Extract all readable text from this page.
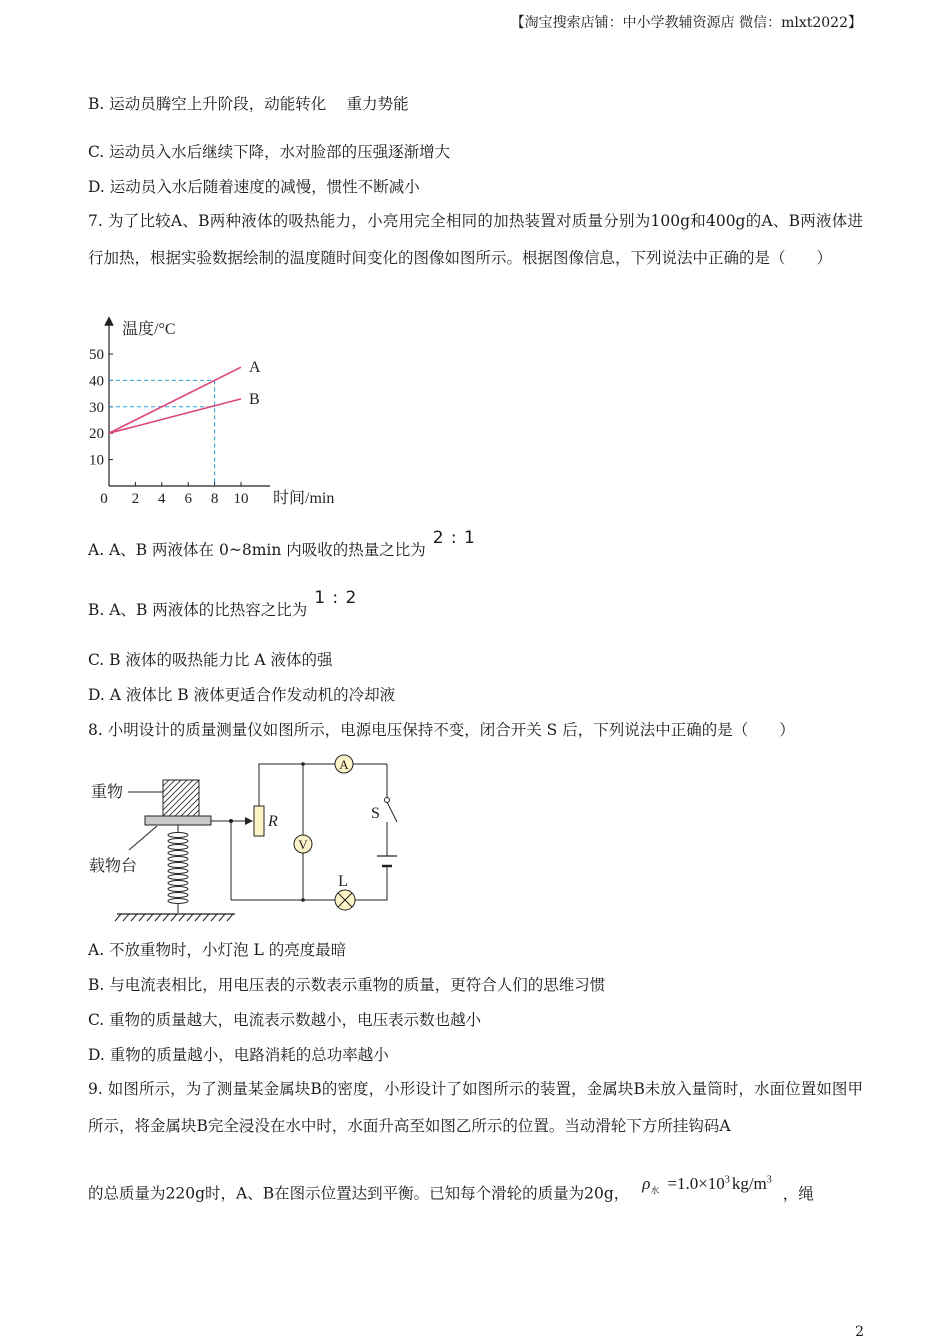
【淘宝搜索店铺：中小学教辅资源店 微信：mlxt2022】
B. 运动员腾空上升阶段，动能转化　 重力势能
C. 运动员入水后继续下降，水对脸部的压强逐渐增大
D. 运动员入水后随着速度的减慢，惯性不断减小
7. 为了比较A、B两种液体的吸热能力，小亮用完全相同的加热装置对质量分别为100g和400g的A、B两液体进行加热，根据实验数据绘制的温度随时间变化的图像如图所示。根据图像信息，下列说法中正确的是（　　）
温度/°C
时间/min
0
10
20
30
40
50
2 4 6 8 10
A
B
A. A、B 两液体在 0~8min 内吸收的热量之比为 2 : 1
B. A、B 两液体的比热容之比为 1 : 2
C. B 液体的吸热能力比 A 液体的强
D. A 液体比 B 液体更适合作发动机的冷却液
8. 小明设计的质量测量仪如图所示，电源电压保持不变，闭合开关 S 后，下列说法中正确的是（　　）
重物
载物台
R
A
V
S
L
A. 不放重物时，小灯泡 L 的亮度最暗
B. 与电流表相比，用电压表的示数表示重物的质量，更符合人们的思维习惯
C. 重物的质量越大，电流表示数越小，电压表示数也越小
D. 重物的质量越小，电路消耗的总功率越小
9. 如图所示，为了测量某金属块B的密度，小形设计了如图所示的装置，金属块B未放入量筒时，水面位置如图甲所示，将金属块B完全浸没在水中时，水面升高至如图乙所示的位置。当动滑轮下方所挂钩码A
的总质量为220g时，A、B在图示位置达到平衡。已知每个滑轮的质量为20g， $\rho_水 =1.0\times 10^3$ $kg/m^3$ ，绳
2
